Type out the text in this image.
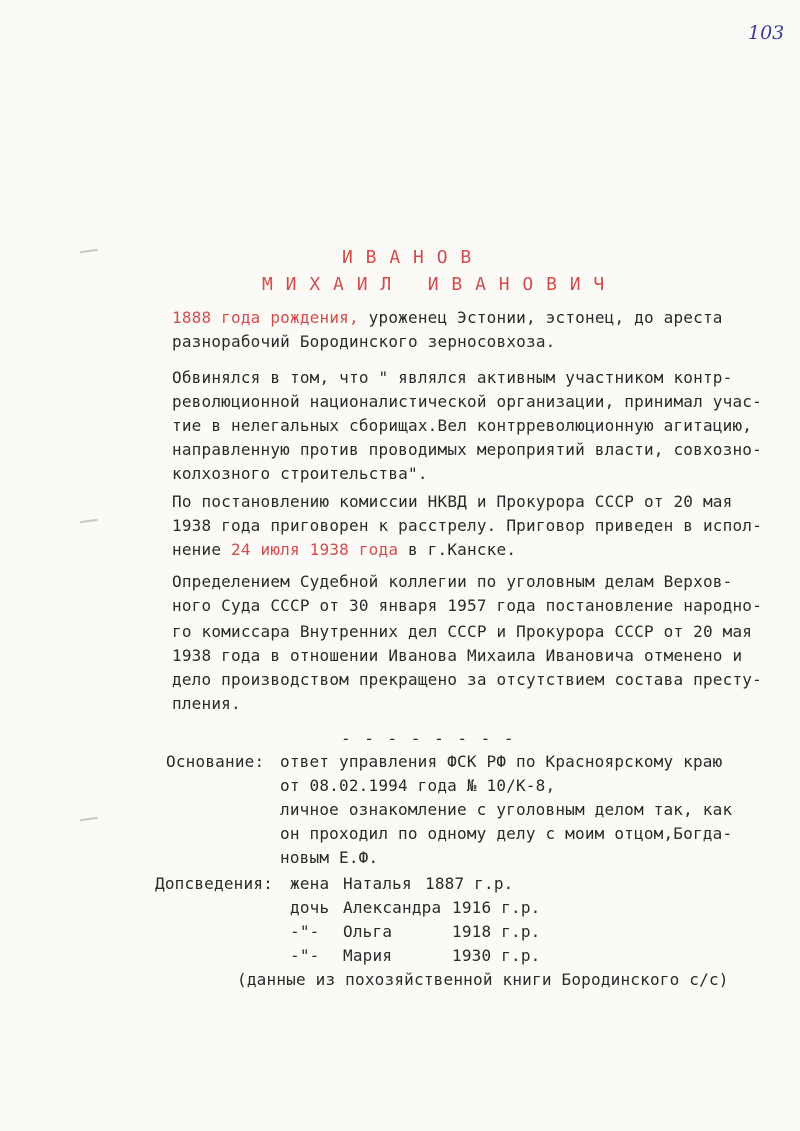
103
И В А Н О В
М И Х А И Л   И В А Н О В И Ч
1888 года рождения, уроженец Эстонии, эстонец, до ареста
разнорабочий Бородинского зерносовхоза.
Обвинялся в том, что " являлся активным участником контр-
революционной националистической организации, принимал учас-
тие в нелегальных сборищах.Вел контрреволюционную агитацию,
направленную против проводимых мероприятий власти, совхозно-
колхозного строительства".
По постановлению комиссии НКВД и Прокурора СССР от 20 мая
1938 года приговорен к расстрелу. Приговор приведен в испол-
нение 24 июля 1938 года в г.Канске.
Определением Судебной коллегии по уголовным делам Верхов-
ного Суда СССР от 30 января 1957 года постановление народно-
го комиссара Внутренних дел СССР и Прокурора СССР от 20 мая
1938 года в отношении Иванова Михаила Ивановича отменено и
дело производством прекращено за отсутствием состава престу-
пления.
- - - - - - - -
Основание: ответ управления ФСК РФ по Красноярскому краю
от 08.02.1994 года № 10/К-8,
личное ознакомление с уголовным делом так, как
он проходил по одному делу с моим отцом,Богда-
новым Е.Ф.
Допсведения: жена Наталья 1887 г.р.
дочь Александра 1916 г.р.
-"- Ольга	1918 г.р.
-"- Мария	1930 г.р.
(данные из похозяйственной книги Бородинского с/с)
